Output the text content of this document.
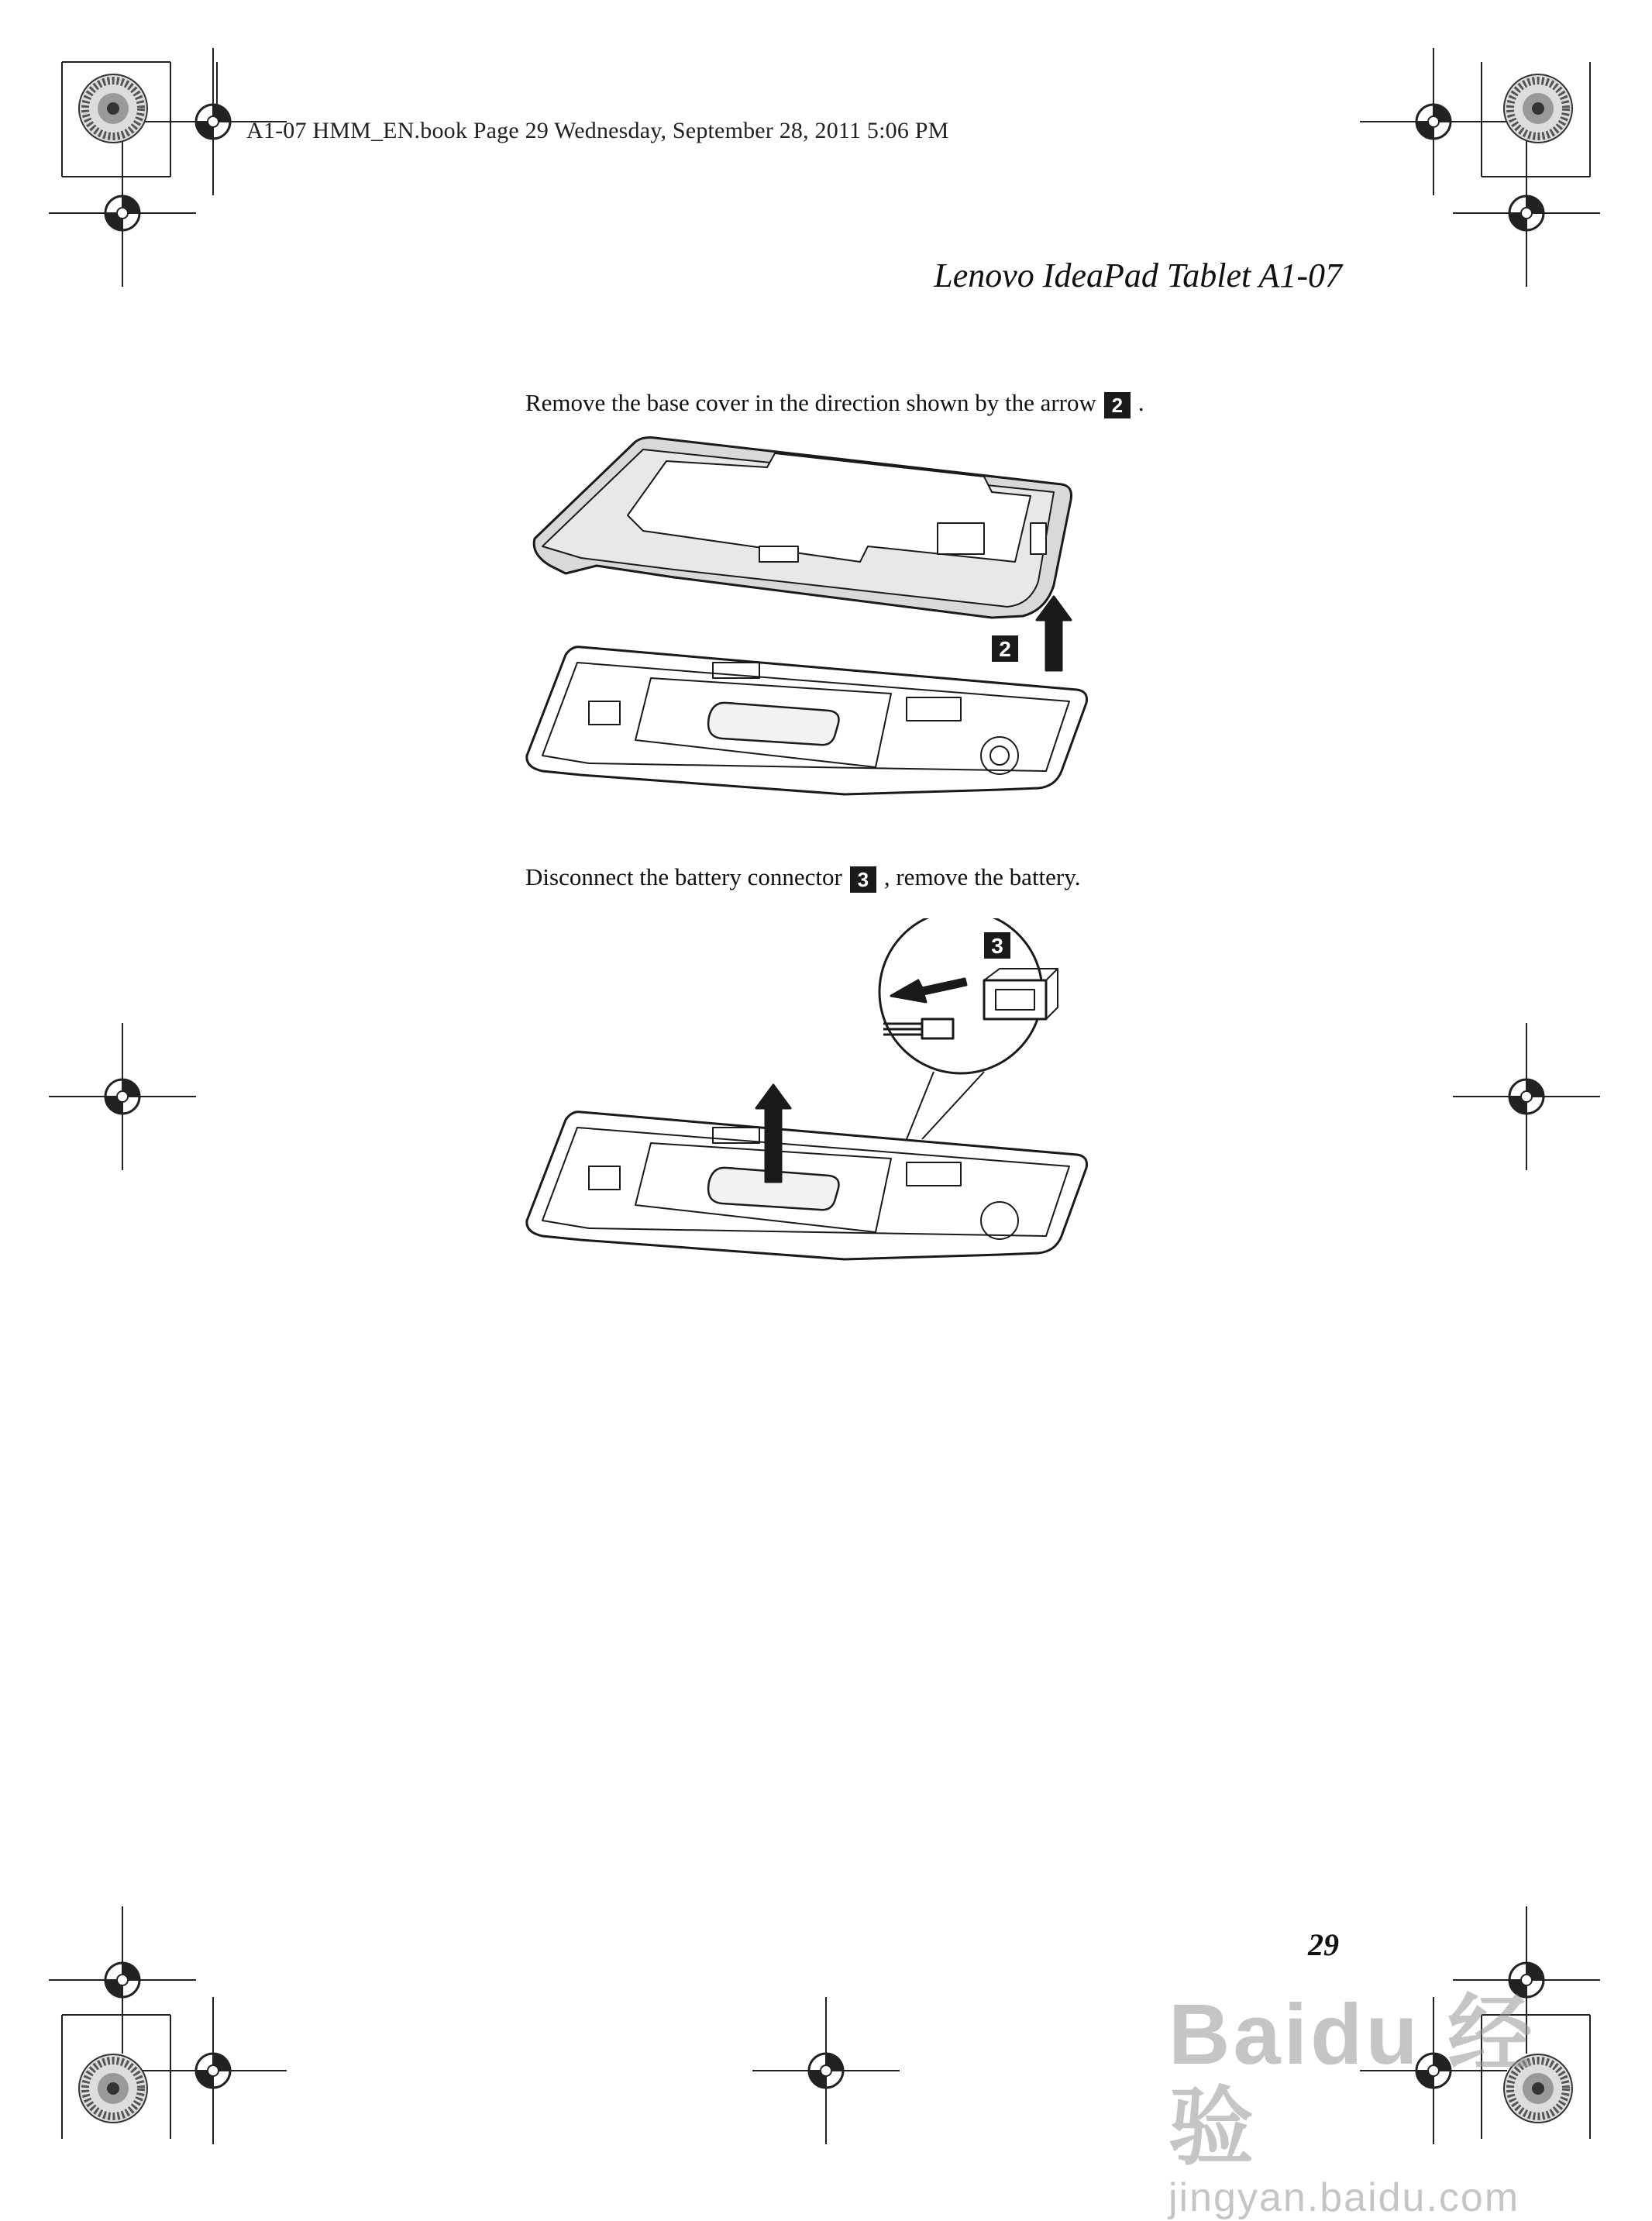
A1-07 HMM_EN.book Page 29 Wednesday, September 28, 2011 5:06 PM
Lenovo IdeaPad Tablet A1-07
Remove the base cover in the direction shown by the arrow 2 .
2
Disconnect the battery connector 3 , remove the battery.
3
29
Baidu 经验
jingyan.baidu.com
